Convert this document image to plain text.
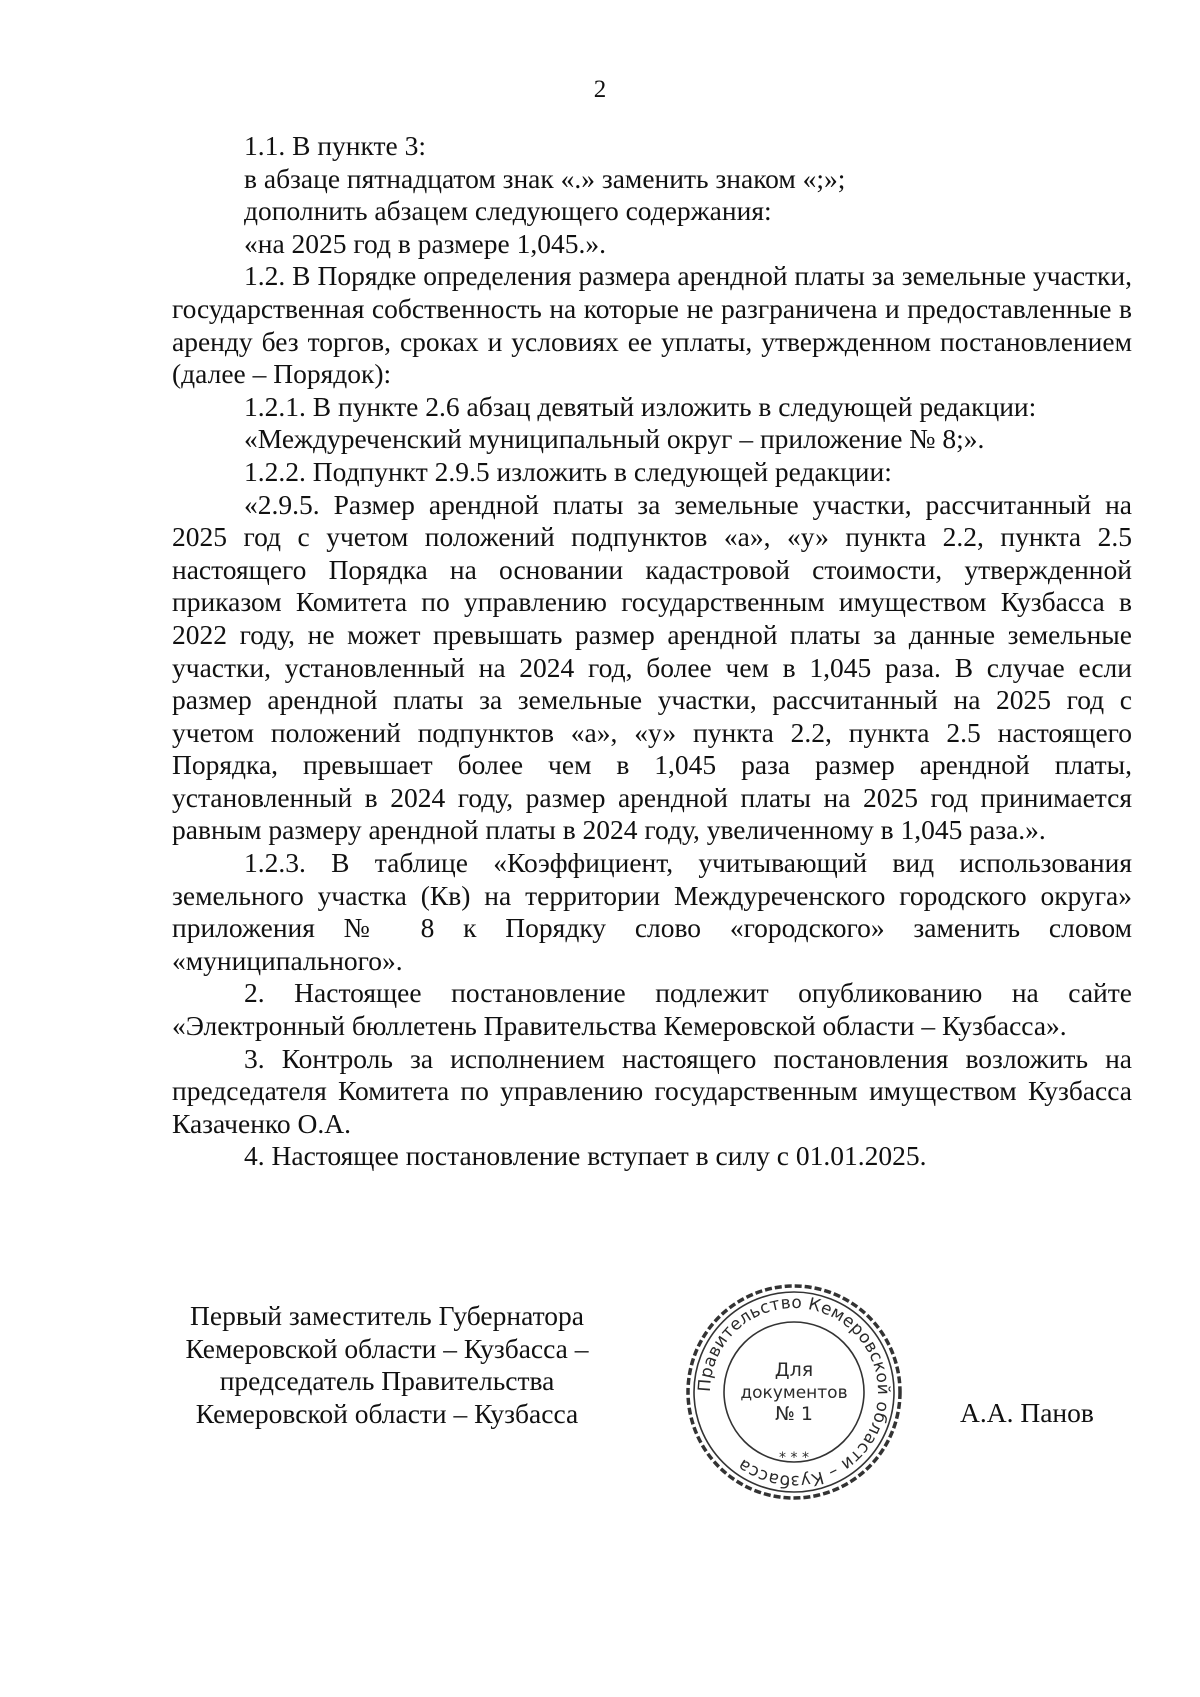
2

1.1. В пункте 3:

в абзаце пятнадцатом знак «.» заменить знаком «;»;

дополнить абзацем следующего содержания:

«на 2025 год в размере 1,045.».

1.2. В Порядке определения размера арендной платы за земельные участки, государственная собственность на которые не разграничена и предоставленные в аренду без торгов, сроках и условиях ее уплаты, утвержденном постановлением (далее – Порядок):

1.2.1. В пункте 2.6 абзац девятый изложить в следующей редакции:

«Междуреченский муниципальный округ – приложение № 8;».

1.2.2. Подпункт 2.9.5 изложить в следующей редакции:

«2.9.5. Размер арендной платы за земельные участки, рассчитанный на 2025 год с учетом положений подпунктов «а», «у» пункта 2.2, пункта 2.5 настоящего Порядка на основании кадастровой стоимости, утвержденной приказом Комитета по управлению государственным имуществом Кузбасса в 2022 году, не может превышать размер арендной платы за данные земельные участки, установленный на 2024 год, более чем в 1,045 раза. В случае если размер арендной платы за земельные участки, рассчитанный на 2025 год с учетом положений подпунктов «а», «у» пункта 2.2, пункта 2.5 настоящего Порядка, превышает более чем в 1,045 раза размер арендной платы, установленный в 2024 году, размер арендной платы на 2025 год принимается равным размеру арендной платы в 2024 году, увеличенному в 1,045 раза.».

1.2.3. В таблице «Коэффициент, учитывающий вид использования земельного участка (Кв) на территории Междуреченского городского округа» приложения № 8 к Порядку слово «городского» заменить словом «муниципального».

2. Настоящее постановление подлежит опубликованию на сайте «Электронный бюллетень Правительства Кемеровской области – Кузбасса».

3. Контроль за исполнением настоящего постановления возложить на председателя Комитета по управлению государственным имуществом Кузбасса Казаченко О.А.

4. Настоящее постановление вступает в силу с 01.01.2025.

Первый заместитель Губернатора
Кемеровской области – Кузбасса –
председатель Правительства
Кемеровской области – Кузбасса
Правительство Кемеровской области – Кузбасса	* * *
Для
документов
№ 1	А.А. Панов
